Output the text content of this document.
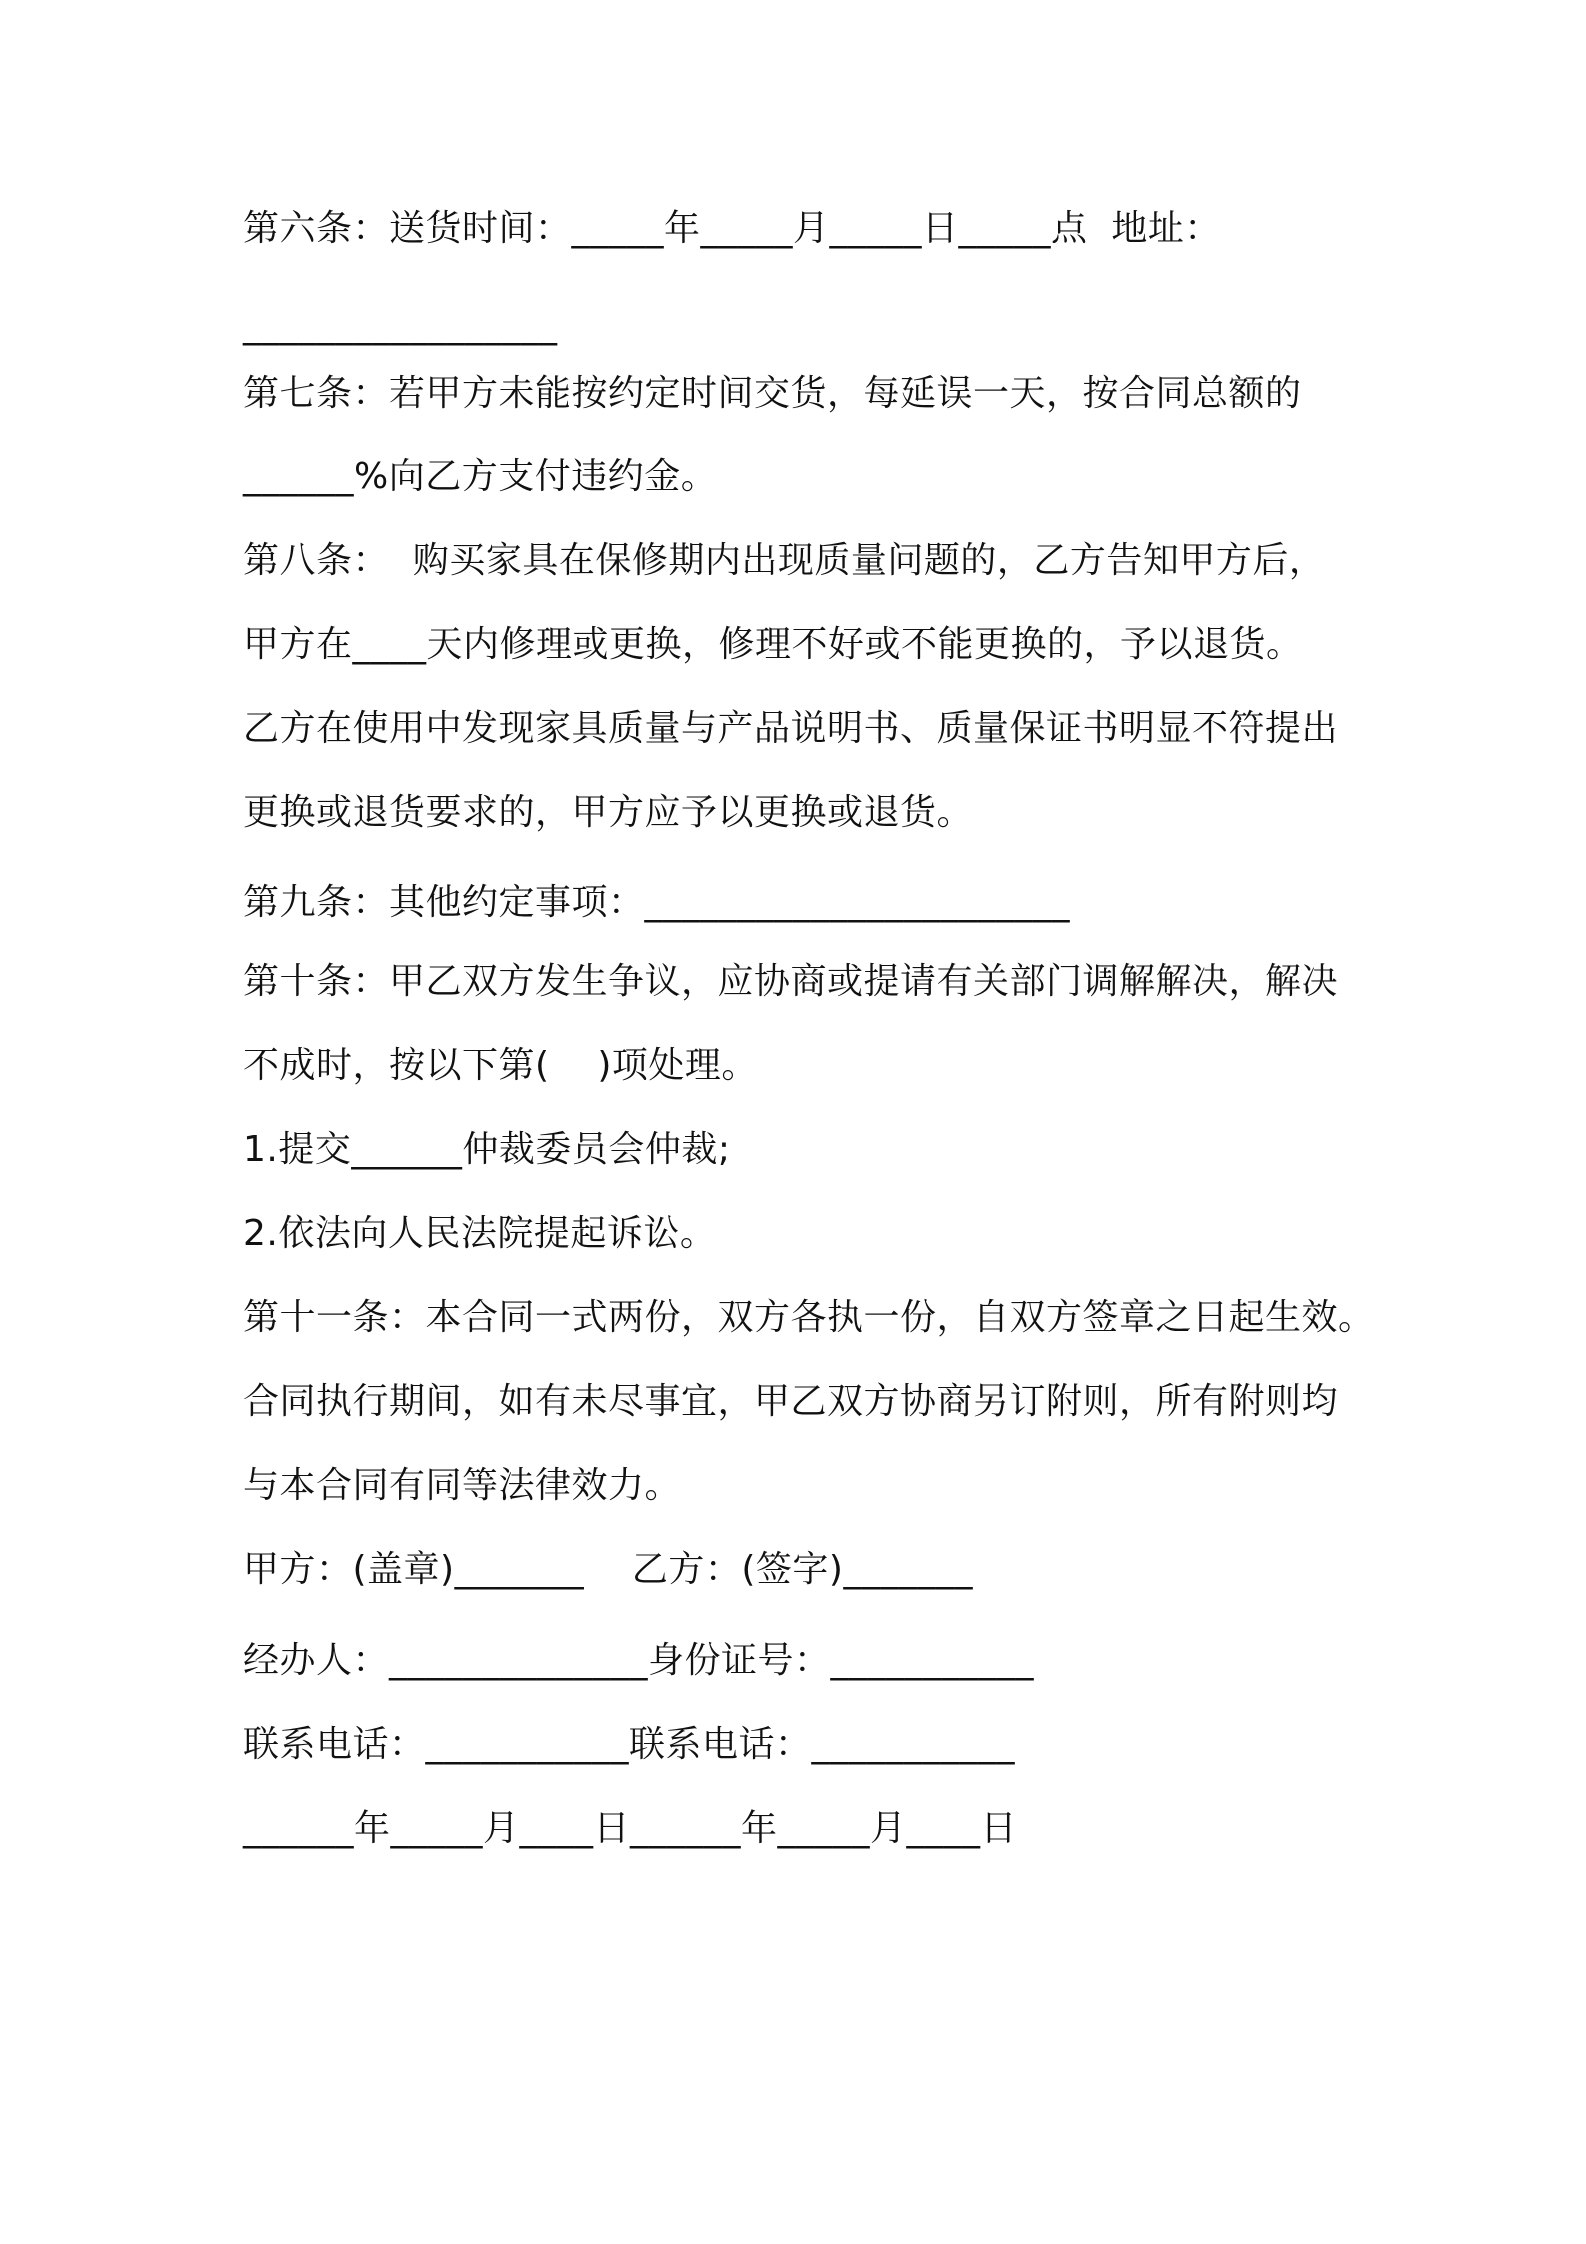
第六条：送货时间：_____年_____月_____日_____点  地址：
_________________
第七条：若甲方未能按约定时间交货，每延误一天，按合同总额的
______%向乙方支付违约金。
第八条：  购买家具在保修期内出现质量问题的，乙方告知甲方后，
甲方在____天内修理或更换，修理不好或不能更换的，予以退货。
乙方在使用中发现家具质量与产品说明书、质量保证书明显不符提出
更换或退货要求的，甲方应予以更换或退货。
第九条：其他约定事项：_______________________
第十条：甲乙双方发生争议，应协商或提请有关部门调解解决，解决
不成时，按以下第(    )项处理。
1.提交______仲裁委员会仲裁;
2.依法向人民法院提起诉讼。
第十一条：本合同一式两份，双方各执一份，自双方签章之日起生效。
合同执行期间，如有未尽事宜，甲乙双方协商另订附则，所有附则均
与本合同有同等法律效力。
甲方：(盖章)_______    乙方：(签字)_______
经办人：______________身份证号：___________
联系电话：___________联系电话：___________
______年_____月____日______年_____月____日
